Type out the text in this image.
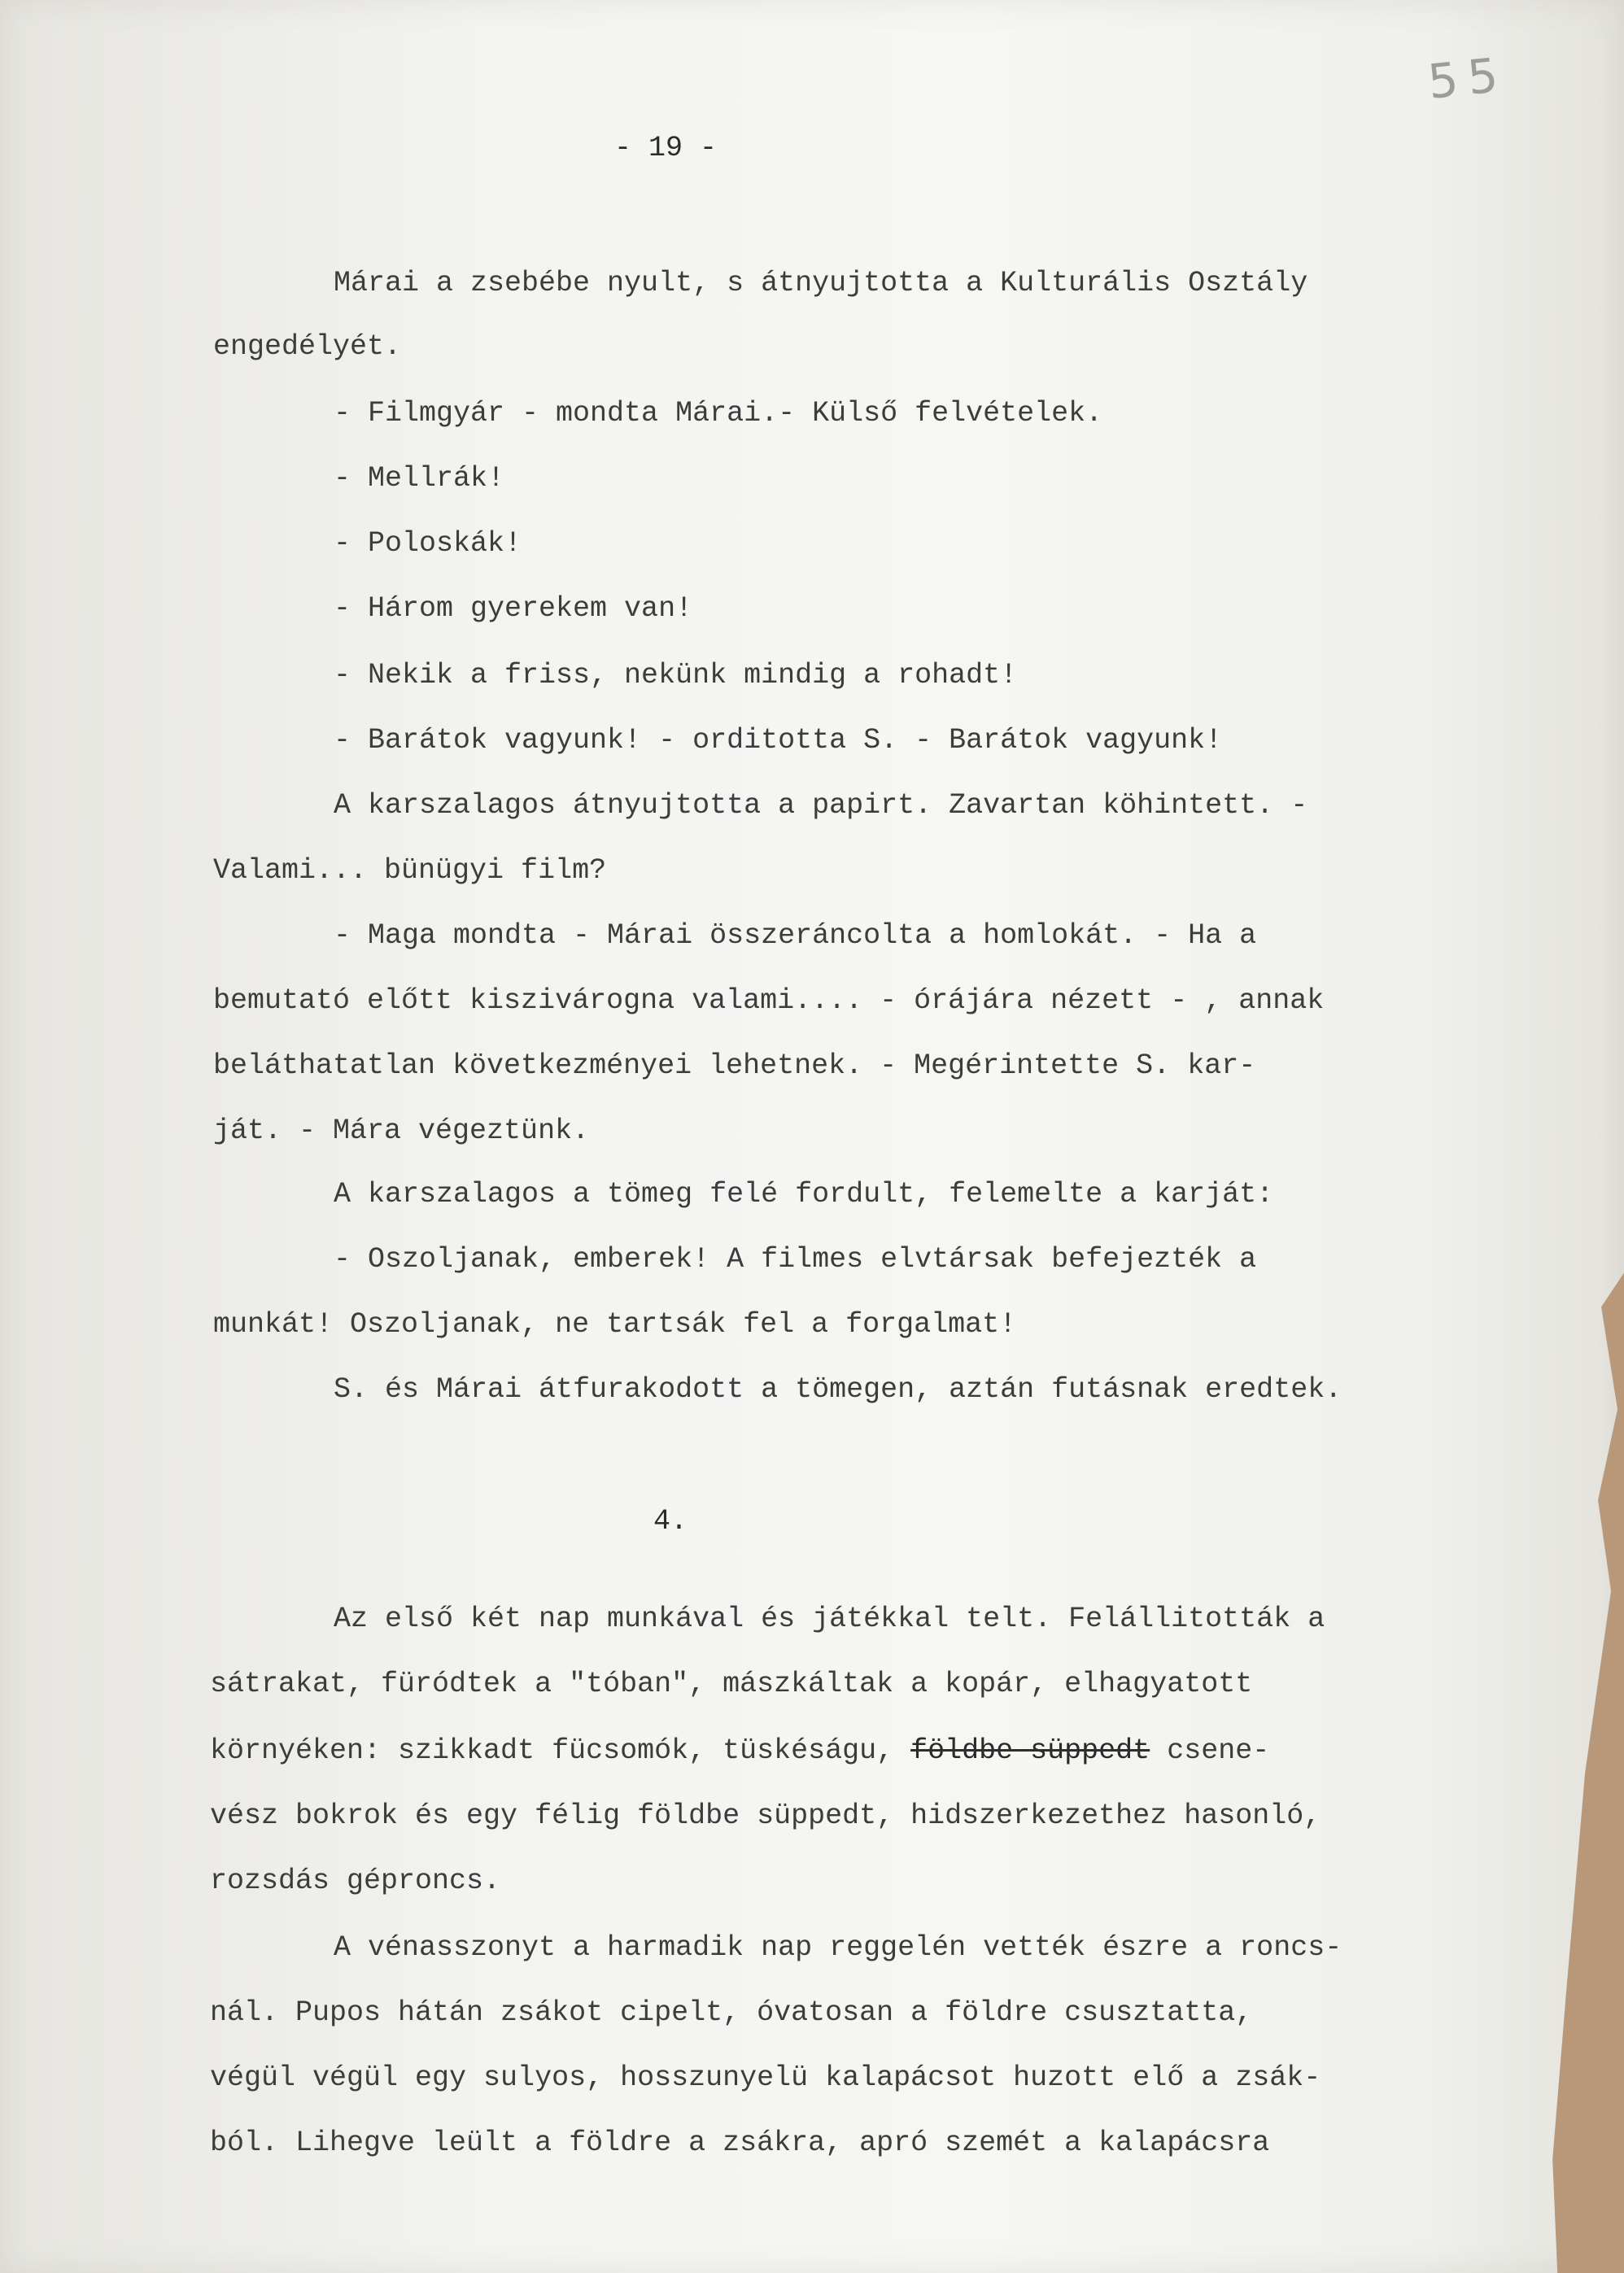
55
- 19 -
Márai a zsebébe nyult, s átnyujtotta a Kulturális Osztály
engedélyét.
- Filmgyár - mondta Márai.- Külső felvételek.
- Mellrák!
- Poloskák!
- Három gyerekem van!
- Nekik a friss, nekünk mindig a rohadt!
- Barátok vagyunk! - orditotta S. - Barátok vagyunk!
A karszalagos átnyujtotta a papirt. Zavartan köhintett. -
Valami... bünügyi film?
- Maga mondta - Márai összeráncolta a homlokát. - Ha a
bemutató előtt kiszivárogna valami.... - órájára nézett - , annak
beláthatatlan következményei lehetnek. - Megérintette S. kar-
ját. - Mára végeztünk.
A karszalagos a tömeg felé fordult, felemelte a karját:
- Oszoljanak, emberek! A filmes elvtársak befejezték a
munkát! Oszoljanak, ne tartsák fel a forgalmat!
S. és Márai átfurakodott a tömegen, aztán futásnak eredtek.
4.
Az első két nap munkával és játékkal telt. Felállitották a
sátrakat, füródtek a "tóban", mászkáltak a kopár, elhagyatott
környéken: szikkadt fücsomók, tüskéságu, földbe süppedt csene-
vész bokrok és egy félig földbe süppedt, hidszerkezethez hasonló,
rozsdás géproncs.
A vénasszonyt a harmadik nap reggelén vették észre a roncs-
nál. Pupos hátán zsákot cipelt, óvatosan a földre csusztatta,
végül végül egy sulyos, hosszunyelü kalapácsot huzott elő a zsák-
ból. Lihegve leült a földre a zsákra, apró szemét a kalapácsra
